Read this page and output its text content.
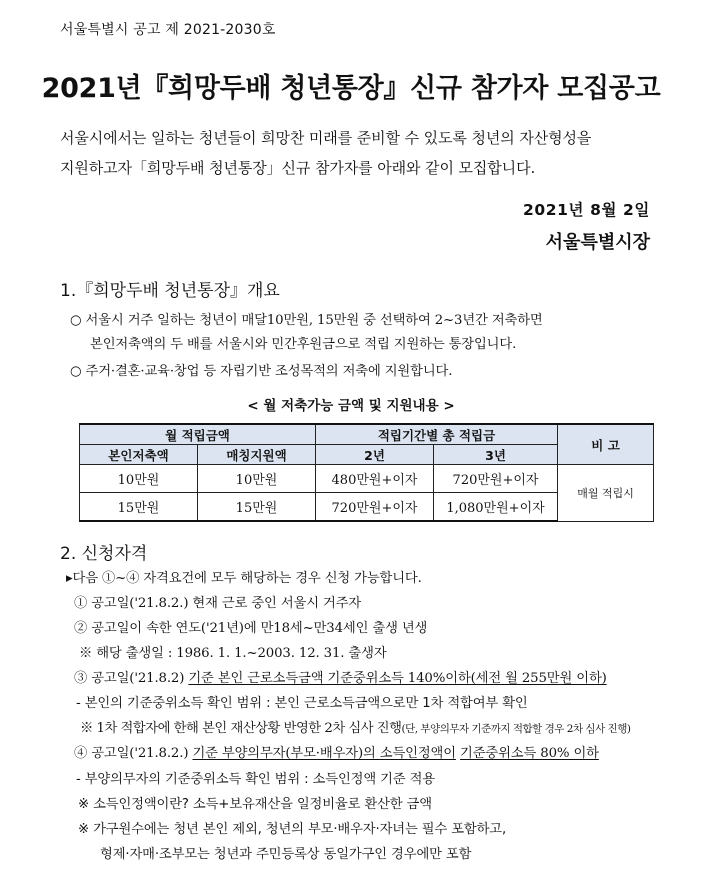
서울특별시 공고 제 2021-2030호
2021년『희망두배 청년통장』신규 참가자 모집공고
서울시에서는 일하는 청년들이 희망찬 미래를 준비할 수 있도록 청년의 자산형성을
지원하고자「희망두배 청년통장」신규 참가자를 아래와 같이 모집합니다.
2021년 8월 2일
서울특별시장
1.『희망두배 청년통장』개요
○ 서울시 거주 일하는 청년이 매달10만원, 15만원 중 선택하여 2~3년간 저축하면
본인저축액의 두 배를 서울시와 민간후원금으로 적립 지원하는 통장입니다.
○ 주거·결혼·교육·창업 등 자립기반 조성목적의 저축에 지원합니다.
< 월 저축가능 금액 및 지원내용 >
월 적립금액		적립기간별 총 적립금		비 고
본인저축액	매칭지원액	2년	3년	
10만원	10만원	480만원+이자	720만원+이자	매월 적립시
15만원	15만원	720만원+이자	1,080만원+이자	
2. 신청자격
▸다음 ①~④ 자격요건에 모두 해당하는 경우 신청 가능합니다.
① 공고일('21.8.2.) 현재 근로 중인 서울시 거주자
② 공고일이 속한 연도('21년)에 만18세~만34세인 출생 년생
※ 해당 출생일 : 1986. 1. 1.~2003. 12. 31. 출생자
③ 공고일('21.8.2) 기준 본인 근로소득금액 기준중위소득 140%이하(세전 월 255만원 이하)
- 본인의 기준중위소득 확인 범위 : 본인 근로소득금액으로만 1차 적합여부 확인
※ 1차 적합자에 한해 본인 재산상황 반영한 2차 심사 진행(단, 부양의무자 기준까지 적합할 경우 2차 심사 진행)
④ 공고일('21.8.2.) 기준 부양의무자(부모·배우자)의 소득인정액이 기준중위소득 80% 이하
- 부양의무자의 기준중위소득 확인 범위 : 소득인정액 기준 적용
※ 소득인정액이란? 소득+보유재산을 일정비율로 환산한 금액
※ 가구원수에는 청년 본인 제외, 청년의 부모·배우자·자녀는 필수 포함하고,
형제·자매·조부모는 청년과 주민등록상 동일가구인 경우에만 포함
